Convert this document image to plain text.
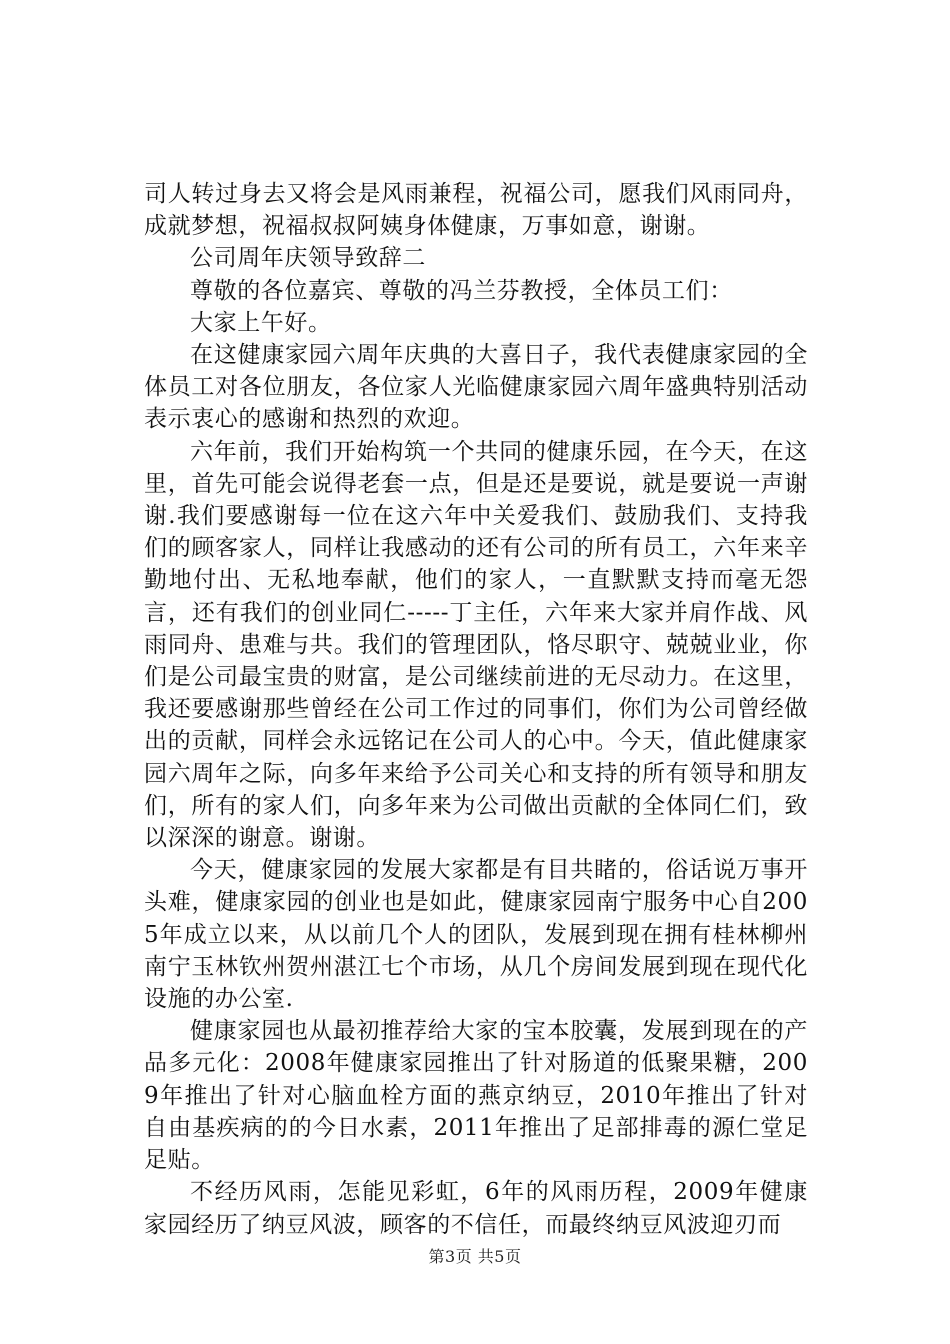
司人转过身去又将会是风雨兼程，祝福公司，愿我们风雨同舟，成就梦想，祝福叔叔阿姨身体健康，万事如意，谢谢。

公司周年庆领导致辞二

尊敬的各位嘉宾、尊敬的冯兰芬教授，全体员工们：

大家上午好。

在这健康家园六周年庆典的大喜日子，我代表健康家园的全体员工对各位朋友，各位家人光临健康家园六周年盛典特别活动表示衷心的感谢和热烈的欢迎。

六年前，我们开始构筑一个共同的健康乐园，在今天，在这里，首先可能会说得老套一点，但是还是要说，就是要说一声谢谢.我们要感谢每一位在这六年中关爱我们、鼓励我们、支持我们的顾客家人，同样让我感动的还有公司的所有员工，六年来辛勤地付出、无私地奉献，他们的家人，一直默默支持而毫无怨言，还有我们的创业同仁-----丁主任，六年来大家并肩作战、风雨同舟、患难与共。我们的管理团队，恪尽职守、兢兢业业，你们是公司最宝贵的财富，是公司继续前进的无尽动力。在这里，我还要感谢那些曾经在公司工作过的同事们，你们为公司曾经做出的贡献，同样会永远铭记在公司人的心中。今天，值此健康家园六周年之际，向多年来给予公司关心和支持的所有领导和朋友们，所有的家人们，向多年来为公司做出贡献的全体同仁们，致以深深的谢意。谢谢。

今天，健康家园的发展大家都是有目共睹的，俗话说万事开头难，健康家园的创业也是如此，健康家园南宁服务中心自2005年成立以来，从以前几个人的团队，发展到现在拥有桂林柳州南宁玉林钦州贺州湛江七个市场，从几个房间发展到现在现代化设施的办公室.

健康家园也从最初推荐给大家的宝本胶囊，发展到现在的产品多元化：2008年健康家园推出了针对肠道的低聚果糖，2009年推出了针对心脑血栓方面的燕京纳豆，2010年推出了针对自由基疾病的的今日水素，2011年推出了足部排毒的源仁堂足足贴。

不经历风雨，怎能见彩虹，6年的风雨历程，2009年健康家园经历了纳豆风波，顾客的不信任，而最终纳豆风波迎刃而

第3页 共5页
